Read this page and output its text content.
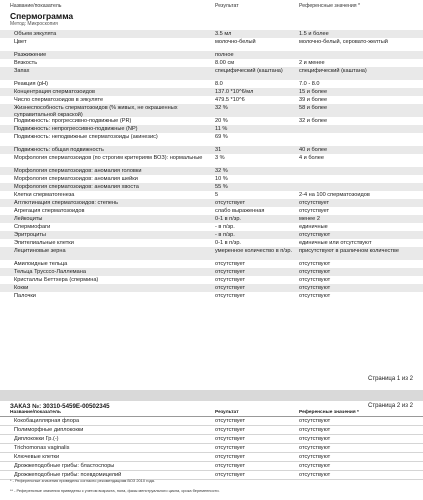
Название/показатель	Результат	Референсные значения *
Спермограмма
Метод: Микроскопия
Объем эякулята	3.5 мл	1.5 и более
Цвет	молочно-белый	молочно-белый, серовато-желтый
Разжижение	полное
Вязкость	8.00 см	2 и менее
Запах	специфический (каштана)	специфический (каштана)
Реакция (pH)	8.0	7.0 - 8.0
Концентрация сперматозоидов	137.0 *10^6/мл	15 и более
Число сперматозоидов в эякуляте	479.5 *10^6	39 и более
Жизнеспособность сперматозоидов (% живых, не окрашенных суправитальной окраской)
32 %	58 и более
Подвижность: прогрессивно-подвижные (PR)	20 %	32 и более
Подвижность: непрогрессивно-подвижные (NP)	11 %
Подвижность: неподвижные сперматозоиды (акинезис)	69 %
Подвижность: общая подвижность	31	40 и более
Морфология сперматозоидов (по строгим критериям ВОЗ): нормальные	3 %	4 и более
Морфология сперматозоидов: аномалия головки	32 %
Морфология сперматозоидов: аномалия шейки	10 %
Морфология сперматозоидов: аномалия хвоста	55 %
Клетки сперматогенеза	5	2-4 на 100 сперматозоидов
Агглютинация сперматозоидов: степень	отсутствует	отсутствует
Агрегация сперматозоидов	слабо выраженная	отсутствует
Лейкоциты	0-1 в п/зр.	менее 2
Спермиофаги	- в п/зр.	единичные
Эритроциты	- в п/зр.	отсутствуют
Эпителиальные клетки	0-1 в п/зр.	единичные или отсутствуют
Лецитиновые зерна	умеренное количество в п/зр.	присутствуют в различном количестве
Амилоидные тельца	отсутствует	отсутствуют
Тельца Трусссо-Лаллемана	отсутствует	отсутствуют
Кристаллы Беттхера (спермина)	отсутствует	отсутствуют
Кокки	отсутствует	отсутствуют
Палочки	отсутствует	отсутствуют
Страница 1 из 2
ЗАКАЗ №: 30310-5459E-00502345	Страница 2 из 2
Название/показатель	Результат	Референсные значения *
Кокобациллярная флора	отсутствует	отсутствуют
Полиморфные диплококки	отсутствует	отсутствуют
Диплококки Гр.(-)	отсутствует	отсутствуют
Trichomonas vaginalis	отсутствует	отсутствуют
Ключевые клетки	отсутствует	отсутствуют
Дрожжеподобные грибы: бластоспоры	отсутствует	отсутствуют
Дрожжеподобные грибы: псевдомицелий	отсутствует	отсутствуют
* - Референсные значения приведены согласно рекомендациям ВОЗ 2010 года.
** - Референсные значения приведены с учетом возраста, пола, фазы менструального цикла, срока беременности.
